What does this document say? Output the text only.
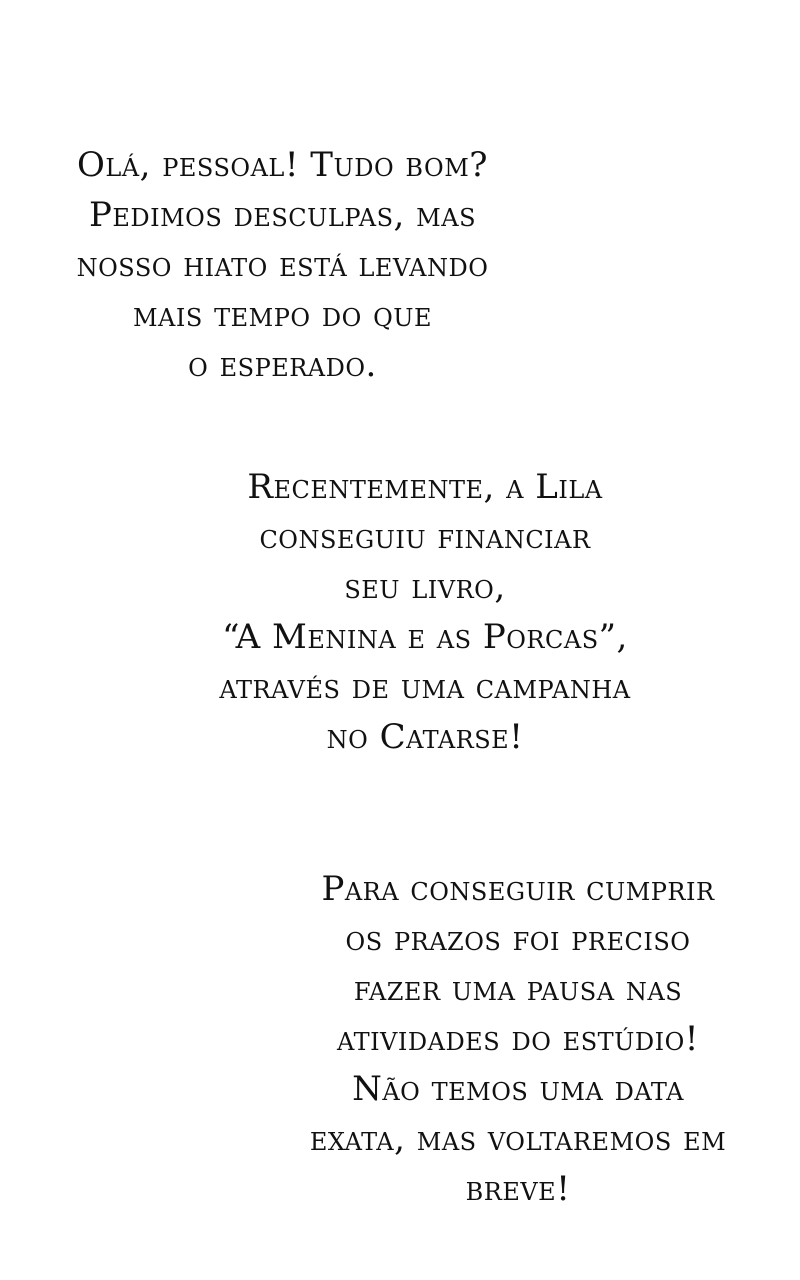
Olá, pessoal! Tudo bom?
Pedimos desculpas, mas
nosso hiato está levando
mais tempo do que
o esperado.
Recentemente, a Lila
conseguiu financiar
seu livro,
“A Menina e as Porcas”,
através de uma campanha
no Catarse!
Para conseguir cumprir
os prazos foi preciso
fazer uma pausa nas
atividades do estúdio!
Não temos uma data
exata, mas voltaremos em
breve!
